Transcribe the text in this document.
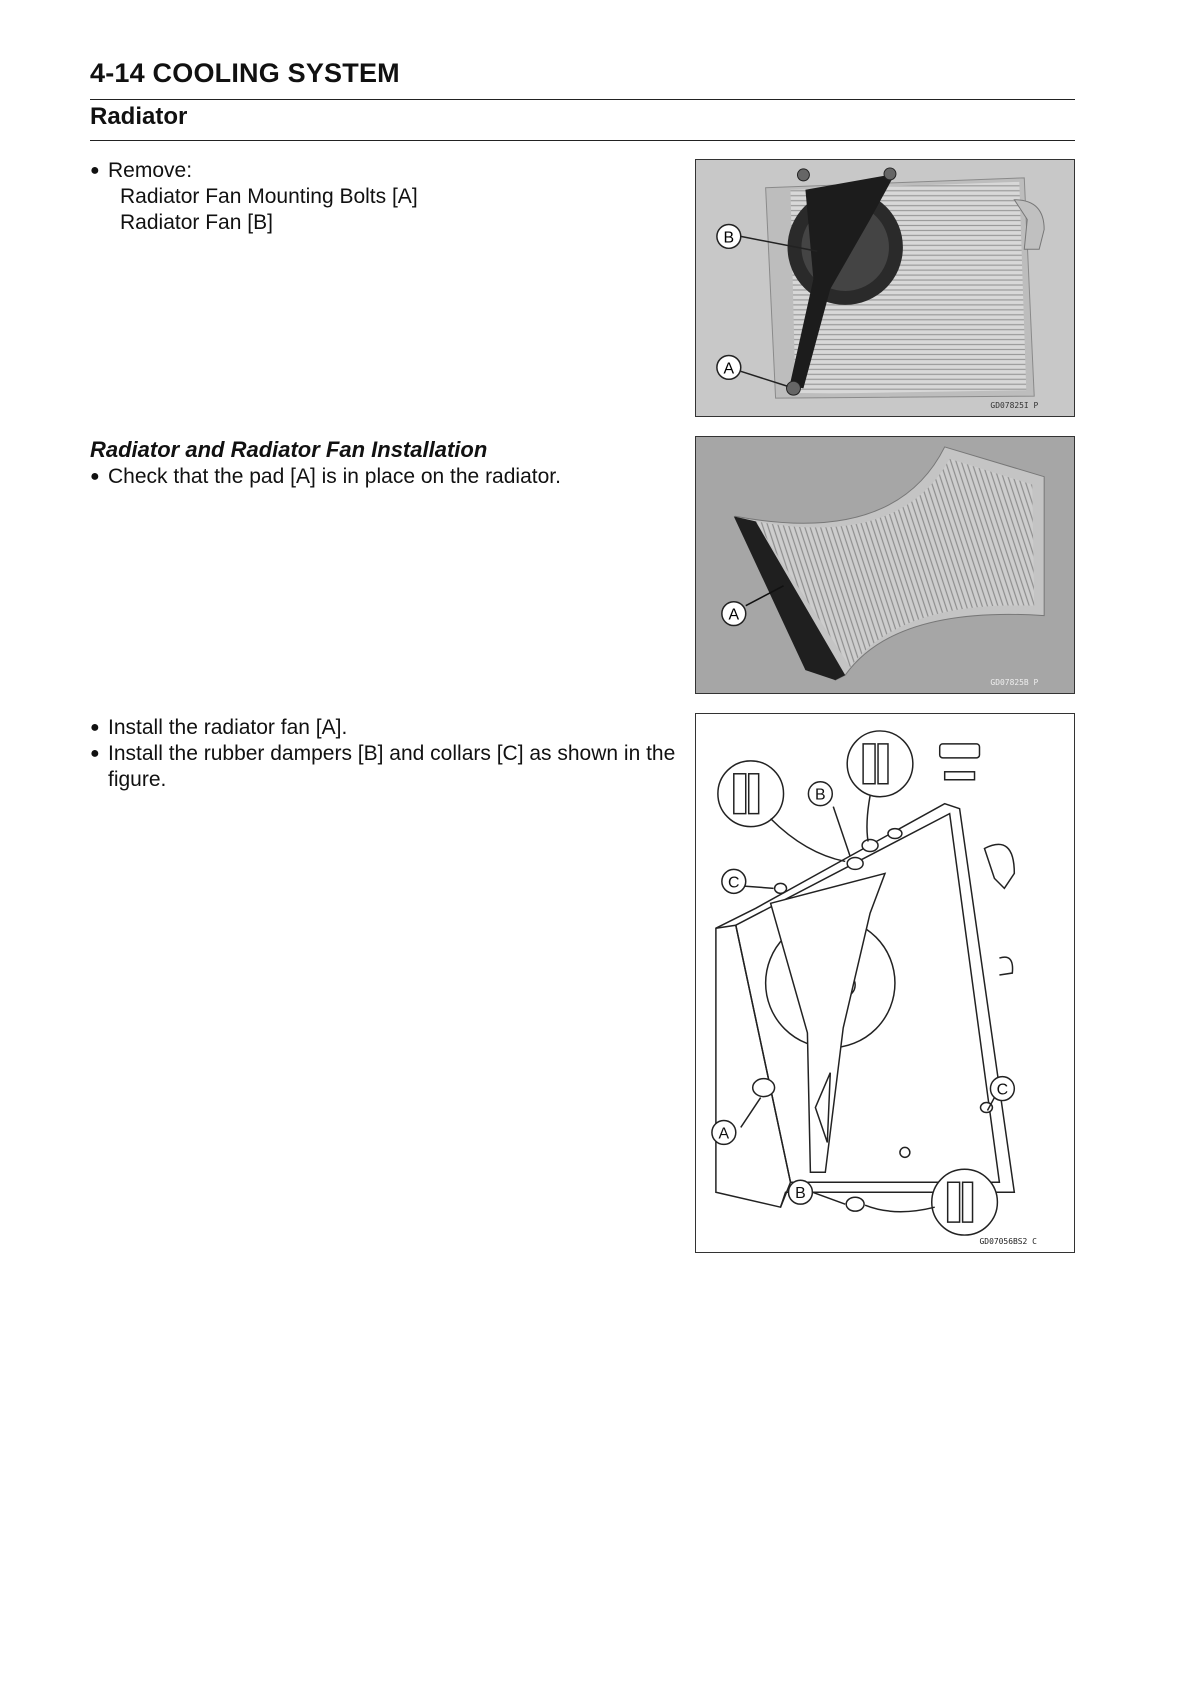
4-14 COOLING SYSTEM
Radiator
● Remove:
Radiator Fan Mounting Bolts [A]
Radiator Fan [B]
Radiator and Radiator Fan Installation
● Check that the pad [A] is in place on the radiator.
● Install the radiator fan [A].
● Install the rubber dampers [B] and collars [C] as shown in the figure.
B
A
GD07825I P
A
GD07825B P
A
B
B
C
C
GD07056BS2 C
